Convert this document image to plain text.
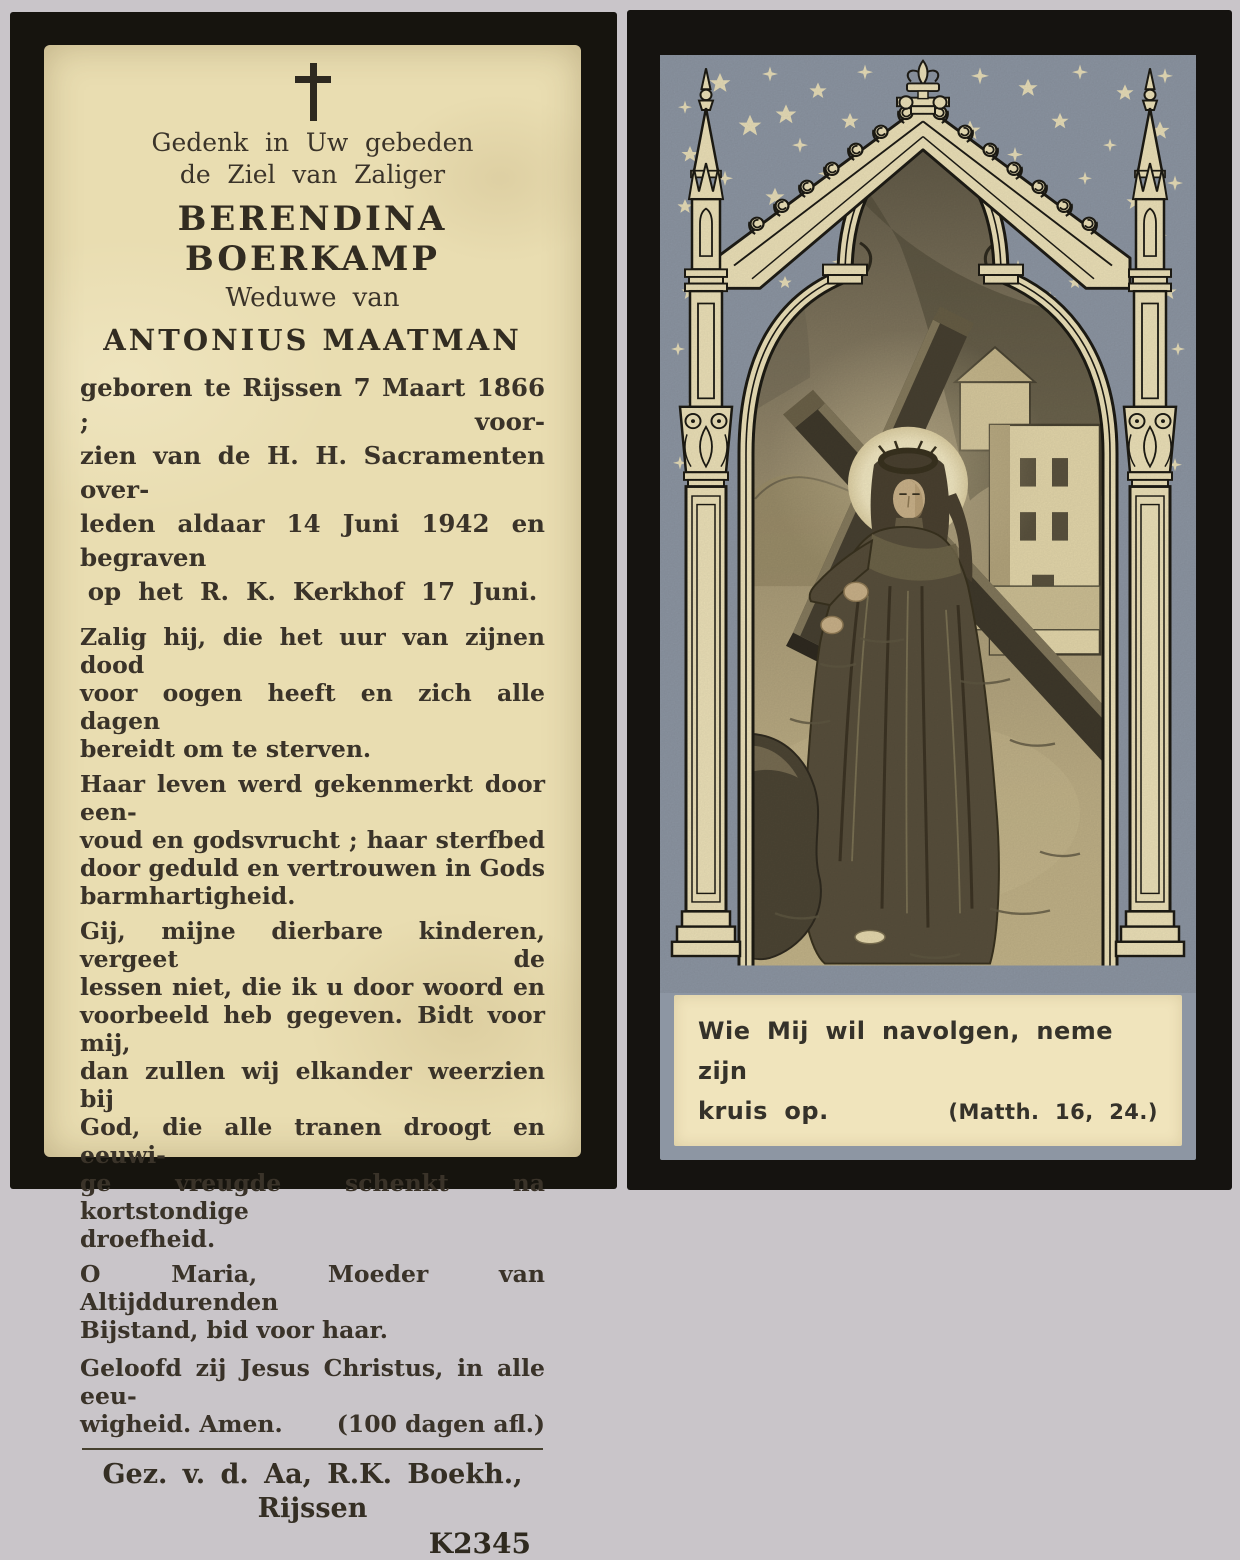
Gedenk in Uw gebeden
de Ziel van Zaliger
BERENDINA BOERKAMP
Weduwe van
ANTONIUS MAATMAN
geboren te Rijssen 7 Maart 1866 ; voor-
zien van de H. H. Sacramenten over-
leden aldaar 14 Juni 1942 en begraven
op het R. K. Kerkhof 17 Juni.
Zalig hij, die het uur van zijnen dood
voor oogen heeft en zich alle dagen
bereidt om te sterven.
Haar leven werd gekenmerkt door een-
voud en godsvrucht ; haar sterfbed
door geduld en vertrouwen in Gods
barmhartigheid.
Gij, mijne dierbare kinderen, vergeet de
lessen niet, die ik u door woord en
voorbeeld heb gegeven. Bidt voor mij,
dan zullen wij elkander weerzien bij
God, die alle tranen droogt en eeuwi-
ge vreugde schenkt na kortstondige
droefheid.
O Maria, Moeder van Altijddurenden
Bijstand, bid voor haar.
Geloofd zij Jesus Christus, in alle eeu-
wigheid. Amen. (100 dagen afl.)
Gez. v. d. Aa, R.K. Boekh., Rijssen
K2345
Wie Mij wil navolgen, neme zijn
kruis op.	(Matth. 16, 24.)
